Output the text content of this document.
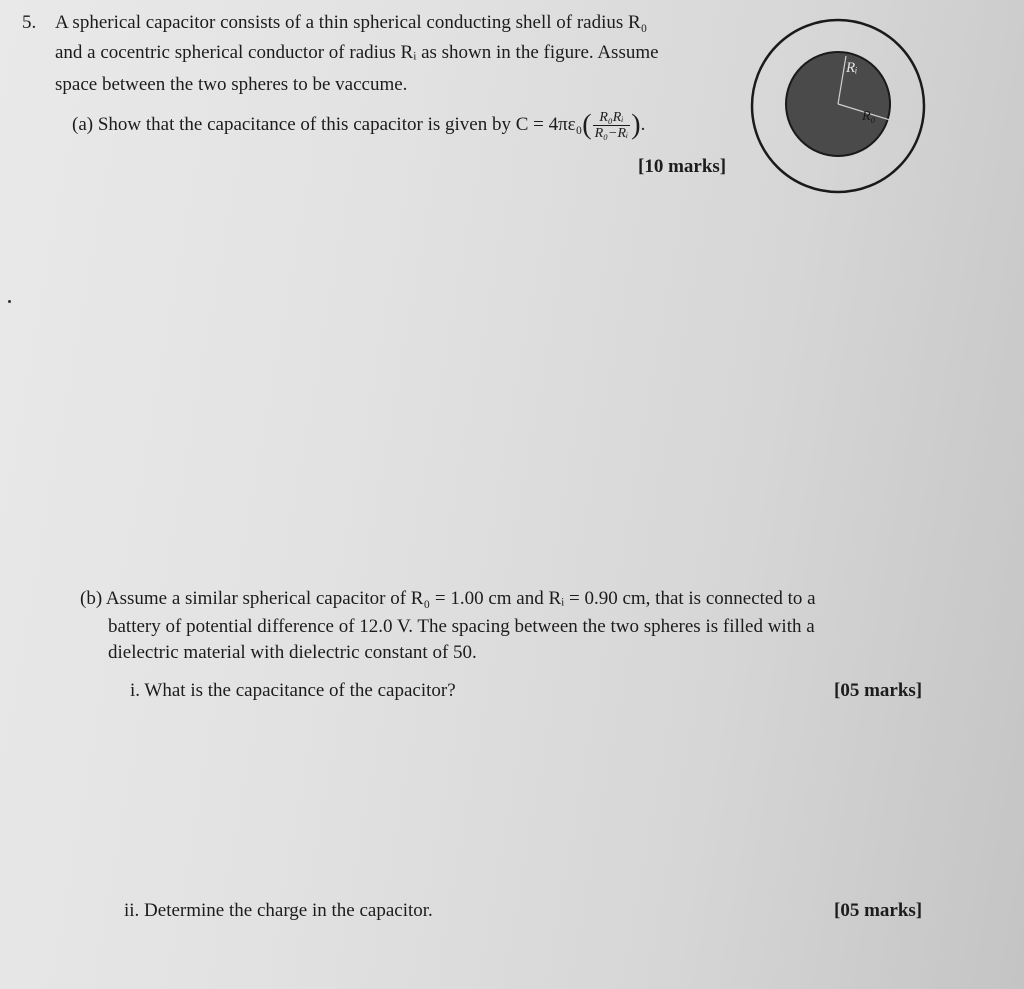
5. A spherical capacitor consists of a thin spherical conducting shell of radius R₀
and a cocentric spherical conductor of radius Rᵢ as shown in the figure. Assume
space between the two spheres to be vaccume.
(a) Show that the capacitance of this capacitor is given by $C = 4\pi\varepsilon_0( \frac{\text{R₀Rᵢ}}{\text{R₀−Rᵢ}}$ ).
[10 marks]
Rᵢ
R₀
(b) Assume a similar spherical capacitor of R₀ = 1.00 cm and Rᵢ = 0.90 cm, that is connected to a
battery of potential difference of 12.0 V. The spacing between the two spheres is filled with a
dielectric material with dielectric constant of 50.
i. What is the capacitance of the capacitor?	[05 marks]
ii. Determine the charge in the capacitor.	[05 marks]
